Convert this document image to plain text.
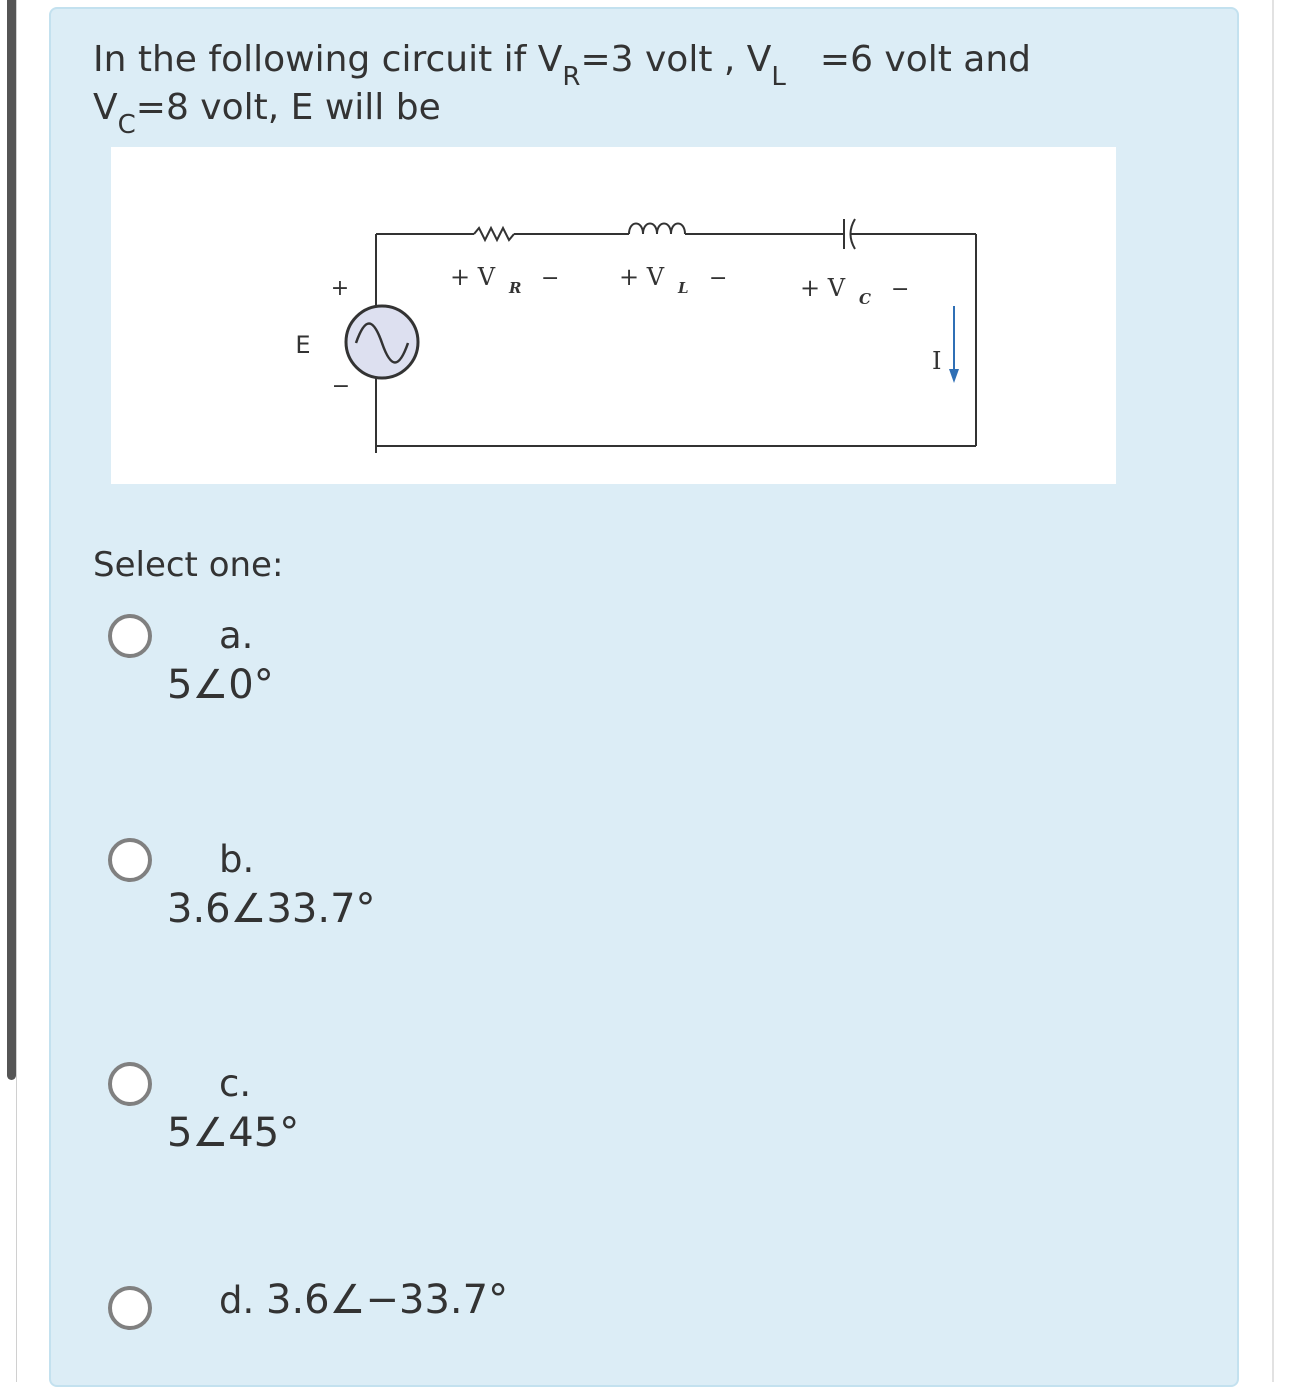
In the following circuit if $V_R=3$ volt , $V_L =6$ volt and
$V_C=8$ volt, E will be
+
E
−
+ V R − + V L −	+ V C −
I
Select one:
a.
5∠0°
b.
3.6∠33.7°
c.
5∠45°
d. 3.6∠−33.7°
